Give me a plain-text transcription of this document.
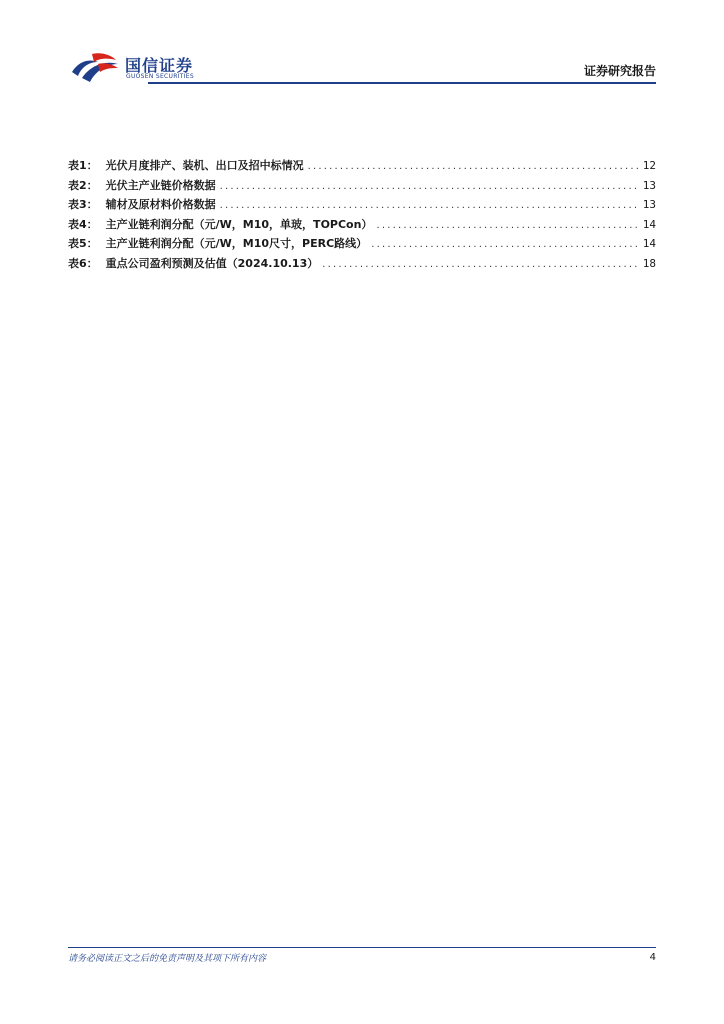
国信证券
GUOSEN SECURITIES	证券研究报告
表1： 光伏月度排产、装机、出口及招中标情况 .....	12
表2： 光伏主产业链价格数据 .....	13
表3： 辅材及原材料价格数据 .....	13
表4： 主产业链利润分配（元/W，M10，单玻，TOPCon） .....	14
表5： 主产业链利润分配（元/W，M10尺寸，PERC路线） .....	14
表6： 重点公司盈利预测及估值（2024.10.13） .....	18
请务必阅读正文之后的免责声明及其项下所有内容	4
